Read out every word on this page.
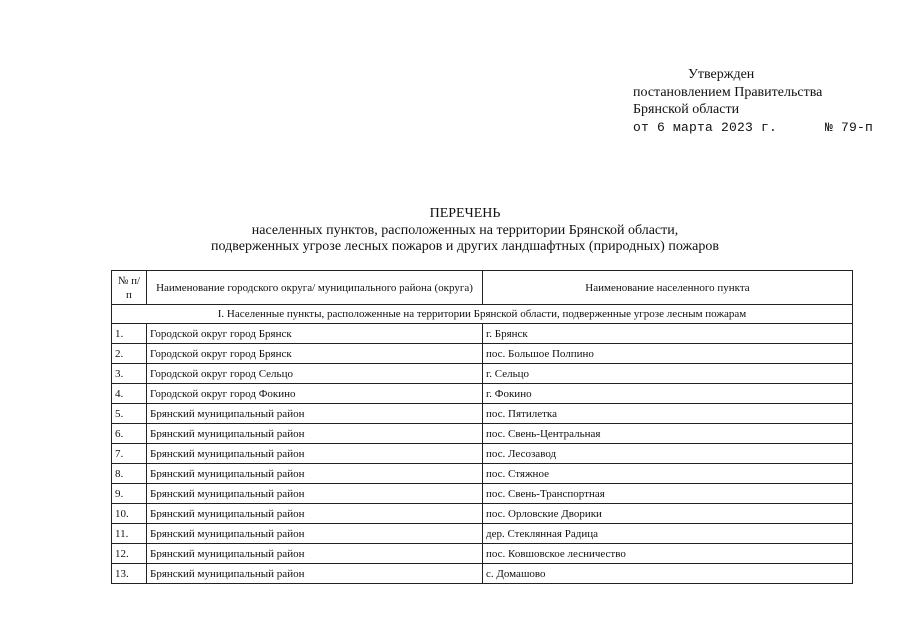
Утвержден
постановлением Правительства
Брянской области
от 6 марта 2023 г.      № 79-п
ПЕРЕЧЕНЬ
населенных пунктов, расположенных на территории Брянской области,
подверженных угрозе лесных пожаров и других ландшафтных (природных) пожаров
№ п/п	Наименование городского округа/ муниципального района (округа)	Наименование населенного пункта
I. Населенные пункты, расположенные на территории Брянской области, подверженные угрозе лесным пожарам		
1.	Городской округ город Брянск	г. Брянск
2.	Городской округ город Брянск	пос. Большое Полпино
3.	Городской округ город Сельцо	г. Сельцо
4.	Городской округ город Фокино	г. Фокино
5.	Брянский муниципальный район	пос. Пятилетка
6.	Брянский муниципальный район	пос. Свень-Центральная
7.	Брянский муниципальный район	пос. Лесозавод
8.	Брянский муниципальный район	пос. Стяжное
9.	Брянский муниципальный район	пос. Свень-Транспортная
10.	Брянский муниципальный район	пос. Орловские Дворики
11.	Брянский муниципальный район	дер. Стеклянная Радица
12.	Брянский муниципальный район	пос. Ковшовское лесничество
13.	Брянский муниципальный район	с. Домашово
